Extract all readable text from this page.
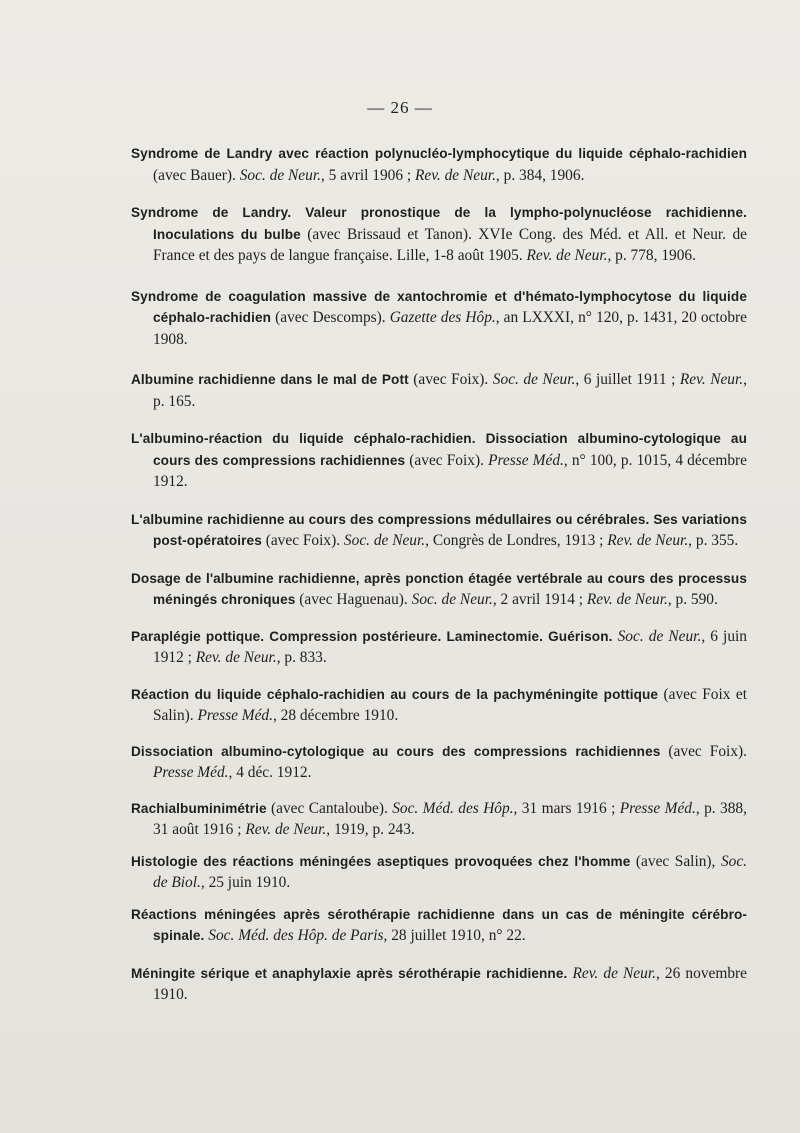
— 26 —

Syndrome de Landry avec réaction polynucléo-lymphocytique du liquide céphalo-rachidien (avec Bauer). Soc. de Neur., 5 avril 1906 ; Rev. de Neur., p. 384, 1906.

Syndrome de Landry. Valeur pronostique de la lympho-polynucléose rachidienne. Inoculations du bulbe (avec Brissaud et Tanon). XVIe Cong. des Méd. et All. et Neur. de France et des pays de langue française. Lille, 1-8 août 1905. Rev. de Neur., p. 778, 1906.

Syndrome de coagulation massive de xantochromie et d'hémato-lymphocytose du liquide céphalo-rachidien (avec Descomps). Gazette des Hôp., an LXXXI, n° 120, p. 1431, 20 octobre 1908.

Albumine rachidienne dans le mal de Pott (avec Foix). Soc. de Neur., 6 juillet 1911 ; Rev. Neur., p. 165.

L'albumino-réaction du liquide céphalo-rachidien. Dissociation albumino-cytologique au cours des compressions rachidiennes (avec Foix). Presse Méd., n° 100, p. 1015, 4 décembre 1912.

L'albumine rachidienne au cours des compressions médullaires ou cérébrales. Ses variations post-opératoires (avec Foix). Soc. de Neur., Congrès de Londres, 1913 ; Rev. de Neur., p. 355.

Dosage de l'albumine rachidienne, après ponction étagée vertébrale au cours des processus méningés chroniques (avec Haguenau). Soc. de Neur., 2 avril 1914 ; Rev. de Neur., p. 590.

Paraplégie pottique. Compression postérieure. Laminectomie. Guérison. Soc. de Neur., 6 juin 1912 ; Rev. de Neur., p. 833.

Réaction du liquide céphalo-rachidien au cours de la pachyméningite pottique (avec Foix et Salin). Presse Méd., 28 décembre 1910.

Dissociation albumino-cytologique au cours des compressions rachidiennes (avec Foix). Presse Méd., 4 déc. 1912.

Rachialbuminimétrie (avec Cantaloube). Soc. Méd. des Hôp., 31 mars 1916 ; Presse Méd., p. 388, 31 août 1916 ; Rev. de Neur., 1919, p. 243.

Histologie des réactions méningées aseptiques provoquées chez l'homme (avec Salin), Soc. de Biol., 25 juin 1910.

Réactions méningées après sérothérapie rachidienne dans un cas de méningite cérébro-spinale. Soc. Méd. des Hôp. de Paris, 28 juillet 1910, n° 22.

Méningite sérique et anaphylaxie après sérothérapie rachidienne. Rev. de Neur., 26 novembre 1910.
